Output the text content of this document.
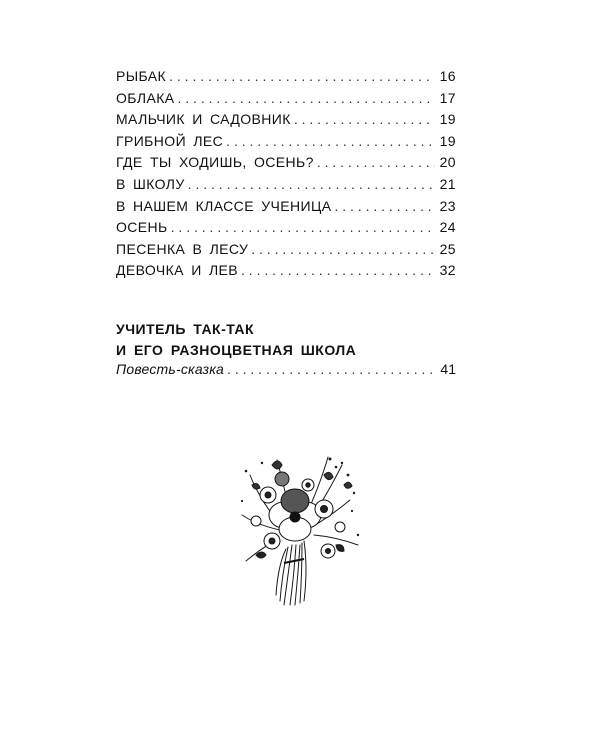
РЫБАК . . .	16
ОБЛАКА . . .	17
МАЛЬЧИК И САДОВНИК . . .	19
ГРИБНОЙ ЛЕС . . .	19
ГДЕ ТЫ ХОДИШЬ, ОСЕНЬ? . . .	20
В ШКОЛУ . . .	21
В НАШЕМ КЛАССЕ УЧЕНИЦА . . .	23
ОСЕНЬ . . .	24
ПЕСЕНКА В ЛЕСУ . . .	25
ДЕВОЧКА И ЛЕВ . . .	32
УЧИТЕЛЬ ТАК-ТАК
И ЕГО РАЗНОЦВЕТНАЯ ШКОЛА
Повесть-сказка . . .	41
